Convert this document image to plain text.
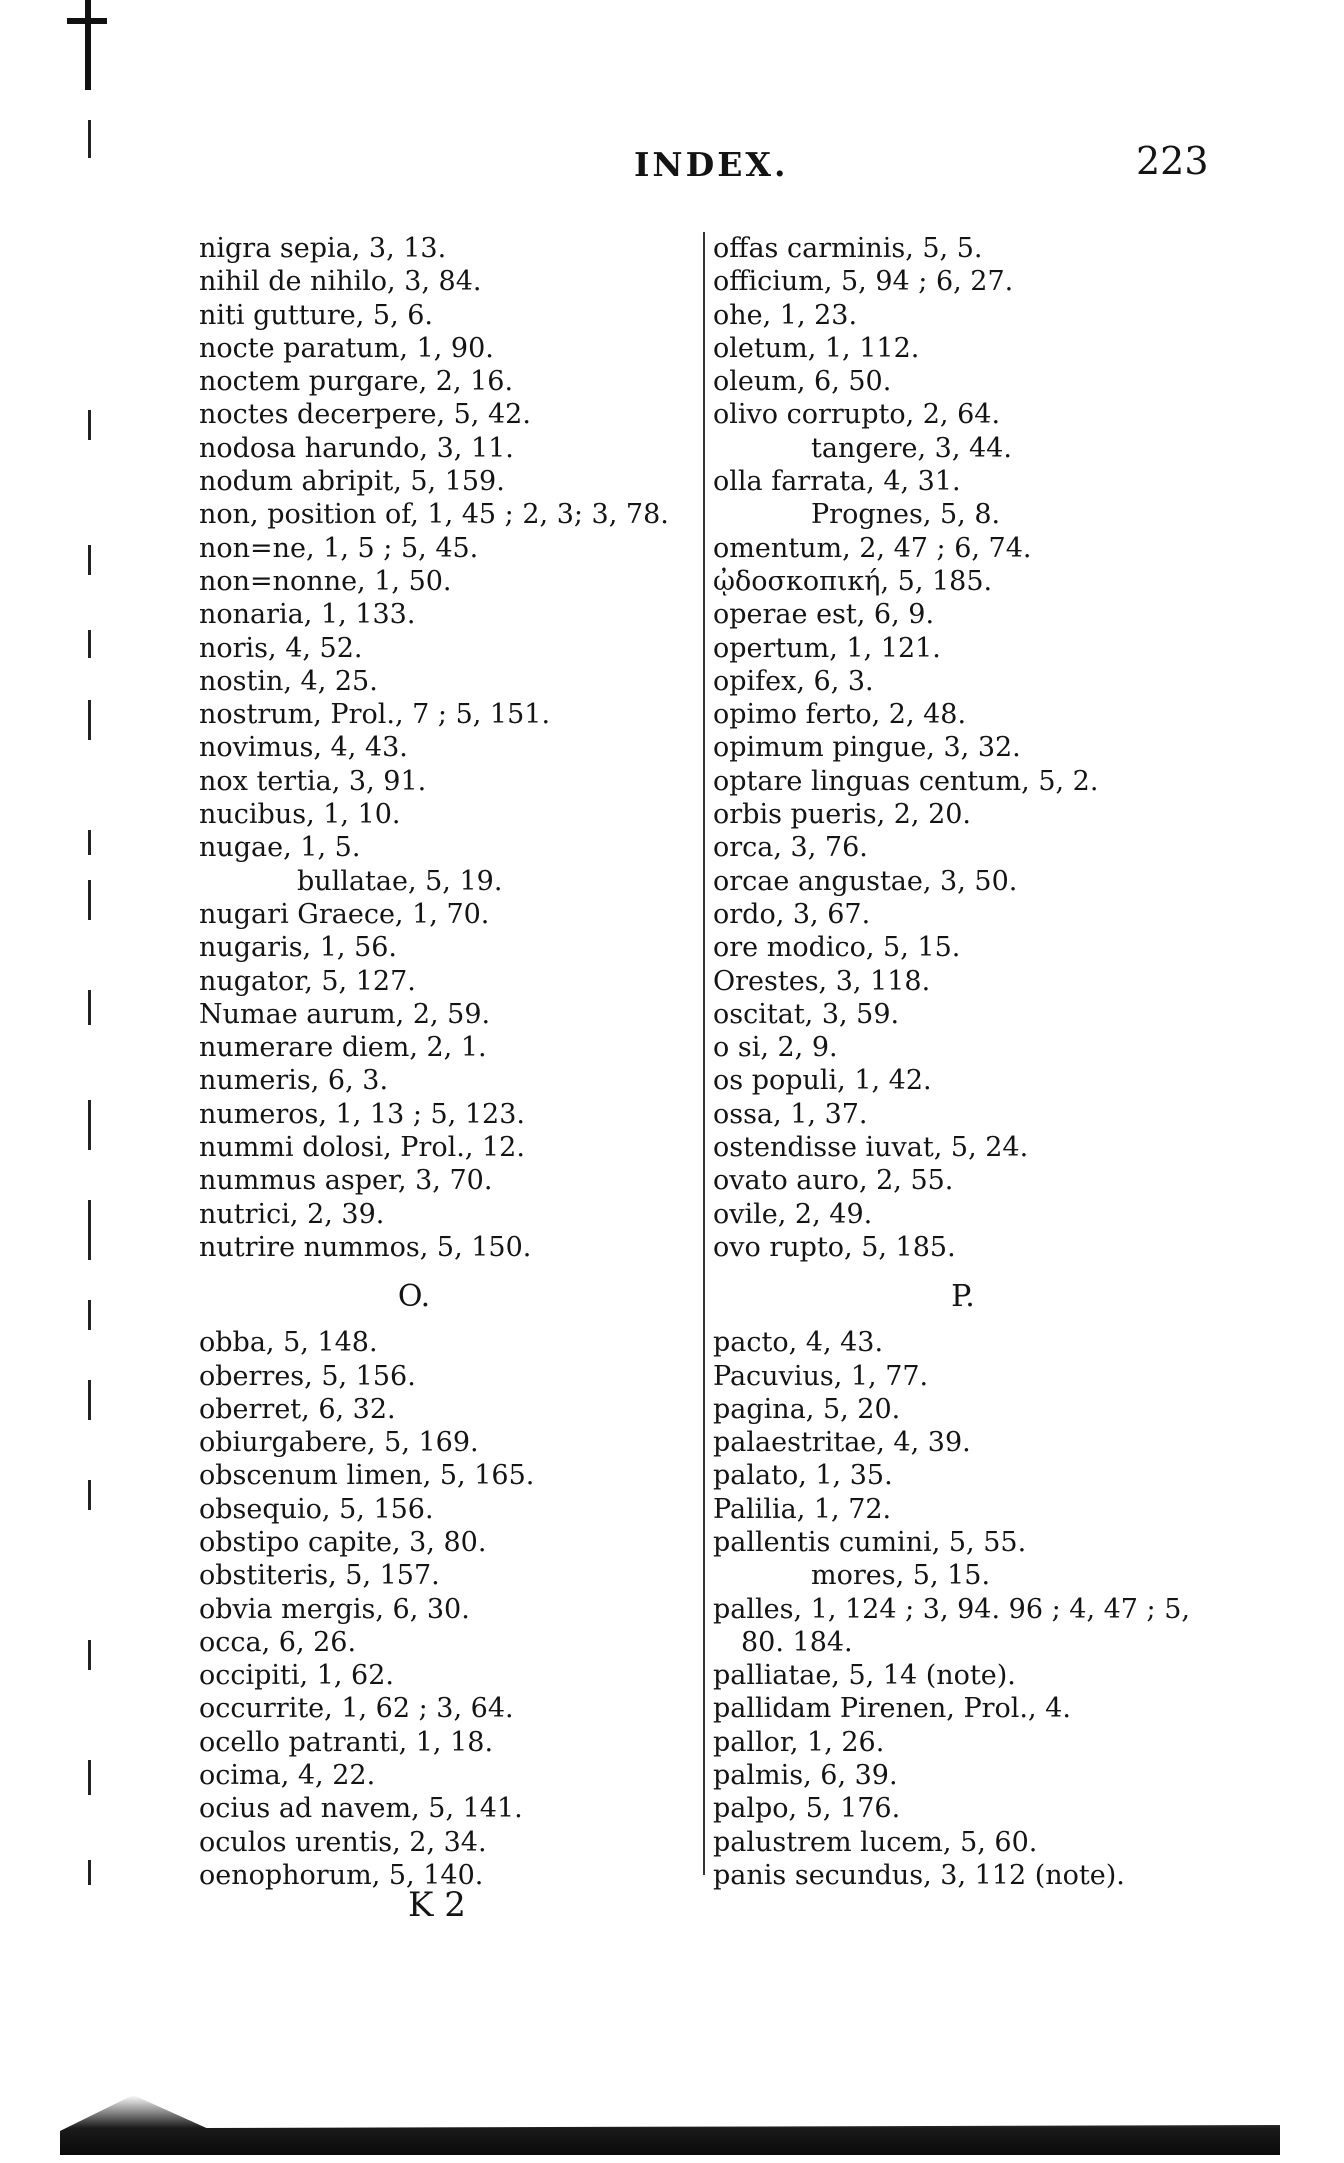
INDEX.	223
nigra sepia, 3, 13.
nihil de nihilo, 3, 84.
niti gutture, 5, 6.
nocte paratum, 1, 90.
noctem purgare, 2, 16.
noctes decerpere, 5, 42.
nodosa harundo, 3, 11.
nodum abripit, 5, 159.
non, position of, 1, 45 ; 2, 3; 3, 78.
non=ne, 1, 5 ; 5, 45.
non=nonne, 1, 50.
nonaria, 1, 133.
noris, 4, 52.
nostin, 4, 25.
nostrum, Prol., 7 ; 5, 151.
novimus, 4, 43.
nox tertia, 3, 91.
nucibus, 1, 10.
nugae, 1, 5.
bullatae, 5, 19.
nugari Graece, 1, 70.
nugaris, 1, 56.
nugator, 5, 127.
Numae aurum, 2, 59.
numerare diem, 2, 1.
numeris, 6, 3.
numeros, 1, 13 ; 5, 123.
nummi dolosi, Prol., 12.
nummus asper, 3, 70.
nutrici, 2, 39.
nutrire nummos, 5, 150.
O.
obba, 5, 148.
oberres, 5, 156.
oberret, 6, 32.
obiurgabere, 5, 169.
obscenum limen, 5, 165.
obsequio, 5, 156.
obstipo capite, 3, 80.
obstiteris, 5, 157.
obvia mergis, 6, 30.
occa, 6, 26.
occipiti, 1, 62.
occurrite, 1, 62 ; 3, 64.
ocello patranti, 1, 18.
ocima, 4, 22.
ocius ad navem, 5, 141.
oculos urentis, 2, 34.
oenophorum, 5, 140.
offas carminis, 5, 5.
officium, 5, 94 ; 6, 27.
ohe, 1, 23.
oletum, 1, 112.
oleum, 6, 50.
olivo corrupto, 2, 64.
tangere, 3, 44.
olla farrata, 4, 31.
Prognes, 5, 8.
omentum, 2, 47 ; 6, 74.
ᾠδοσκοπική, 5, 185.
operae est, 6, 9.
opertum, 1, 121.
opifex, 6, 3.
opimo ferto, 2, 48.
opimum pingue, 3, 32.
optare linguas centum, 5, 2.
orbis pueris, 2, 20.
orca, 3, 76.
orcae angustae, 3, 50.
ordo, 3, 67.
ore modico, 5, 15.
Orestes, 3, 118.
oscitat, 3, 59.
o si, 2, 9.
os populi, 1, 42.
ossa, 1, 37.
ostendisse iuvat, 5, 24.
ovato auro, 2, 55.
ovile, 2, 49.
ovo rupto, 5, 185.
P.
pacto, 4, 43.
Pacuvius, 1, 77.
pagina, 5, 20.
palaestritae, 4, 39.
palato, 1, 35.
Palilia, 1, 72.
pallentis cumini, 5, 55.
mores, 5, 15.
palles, 1, 124 ; 3, 94. 96 ; 4, 47 ; 5,
80. 184.
palliatae, 5, 14 (note).
pallidam Pirenen, Prol., 4.
pallor, 1, 26.
palmis, 6, 39.
palpo, 5, 176.
palustrem lucem, 5, 60.
panis secundus, 3, 112 (note).
K 2
